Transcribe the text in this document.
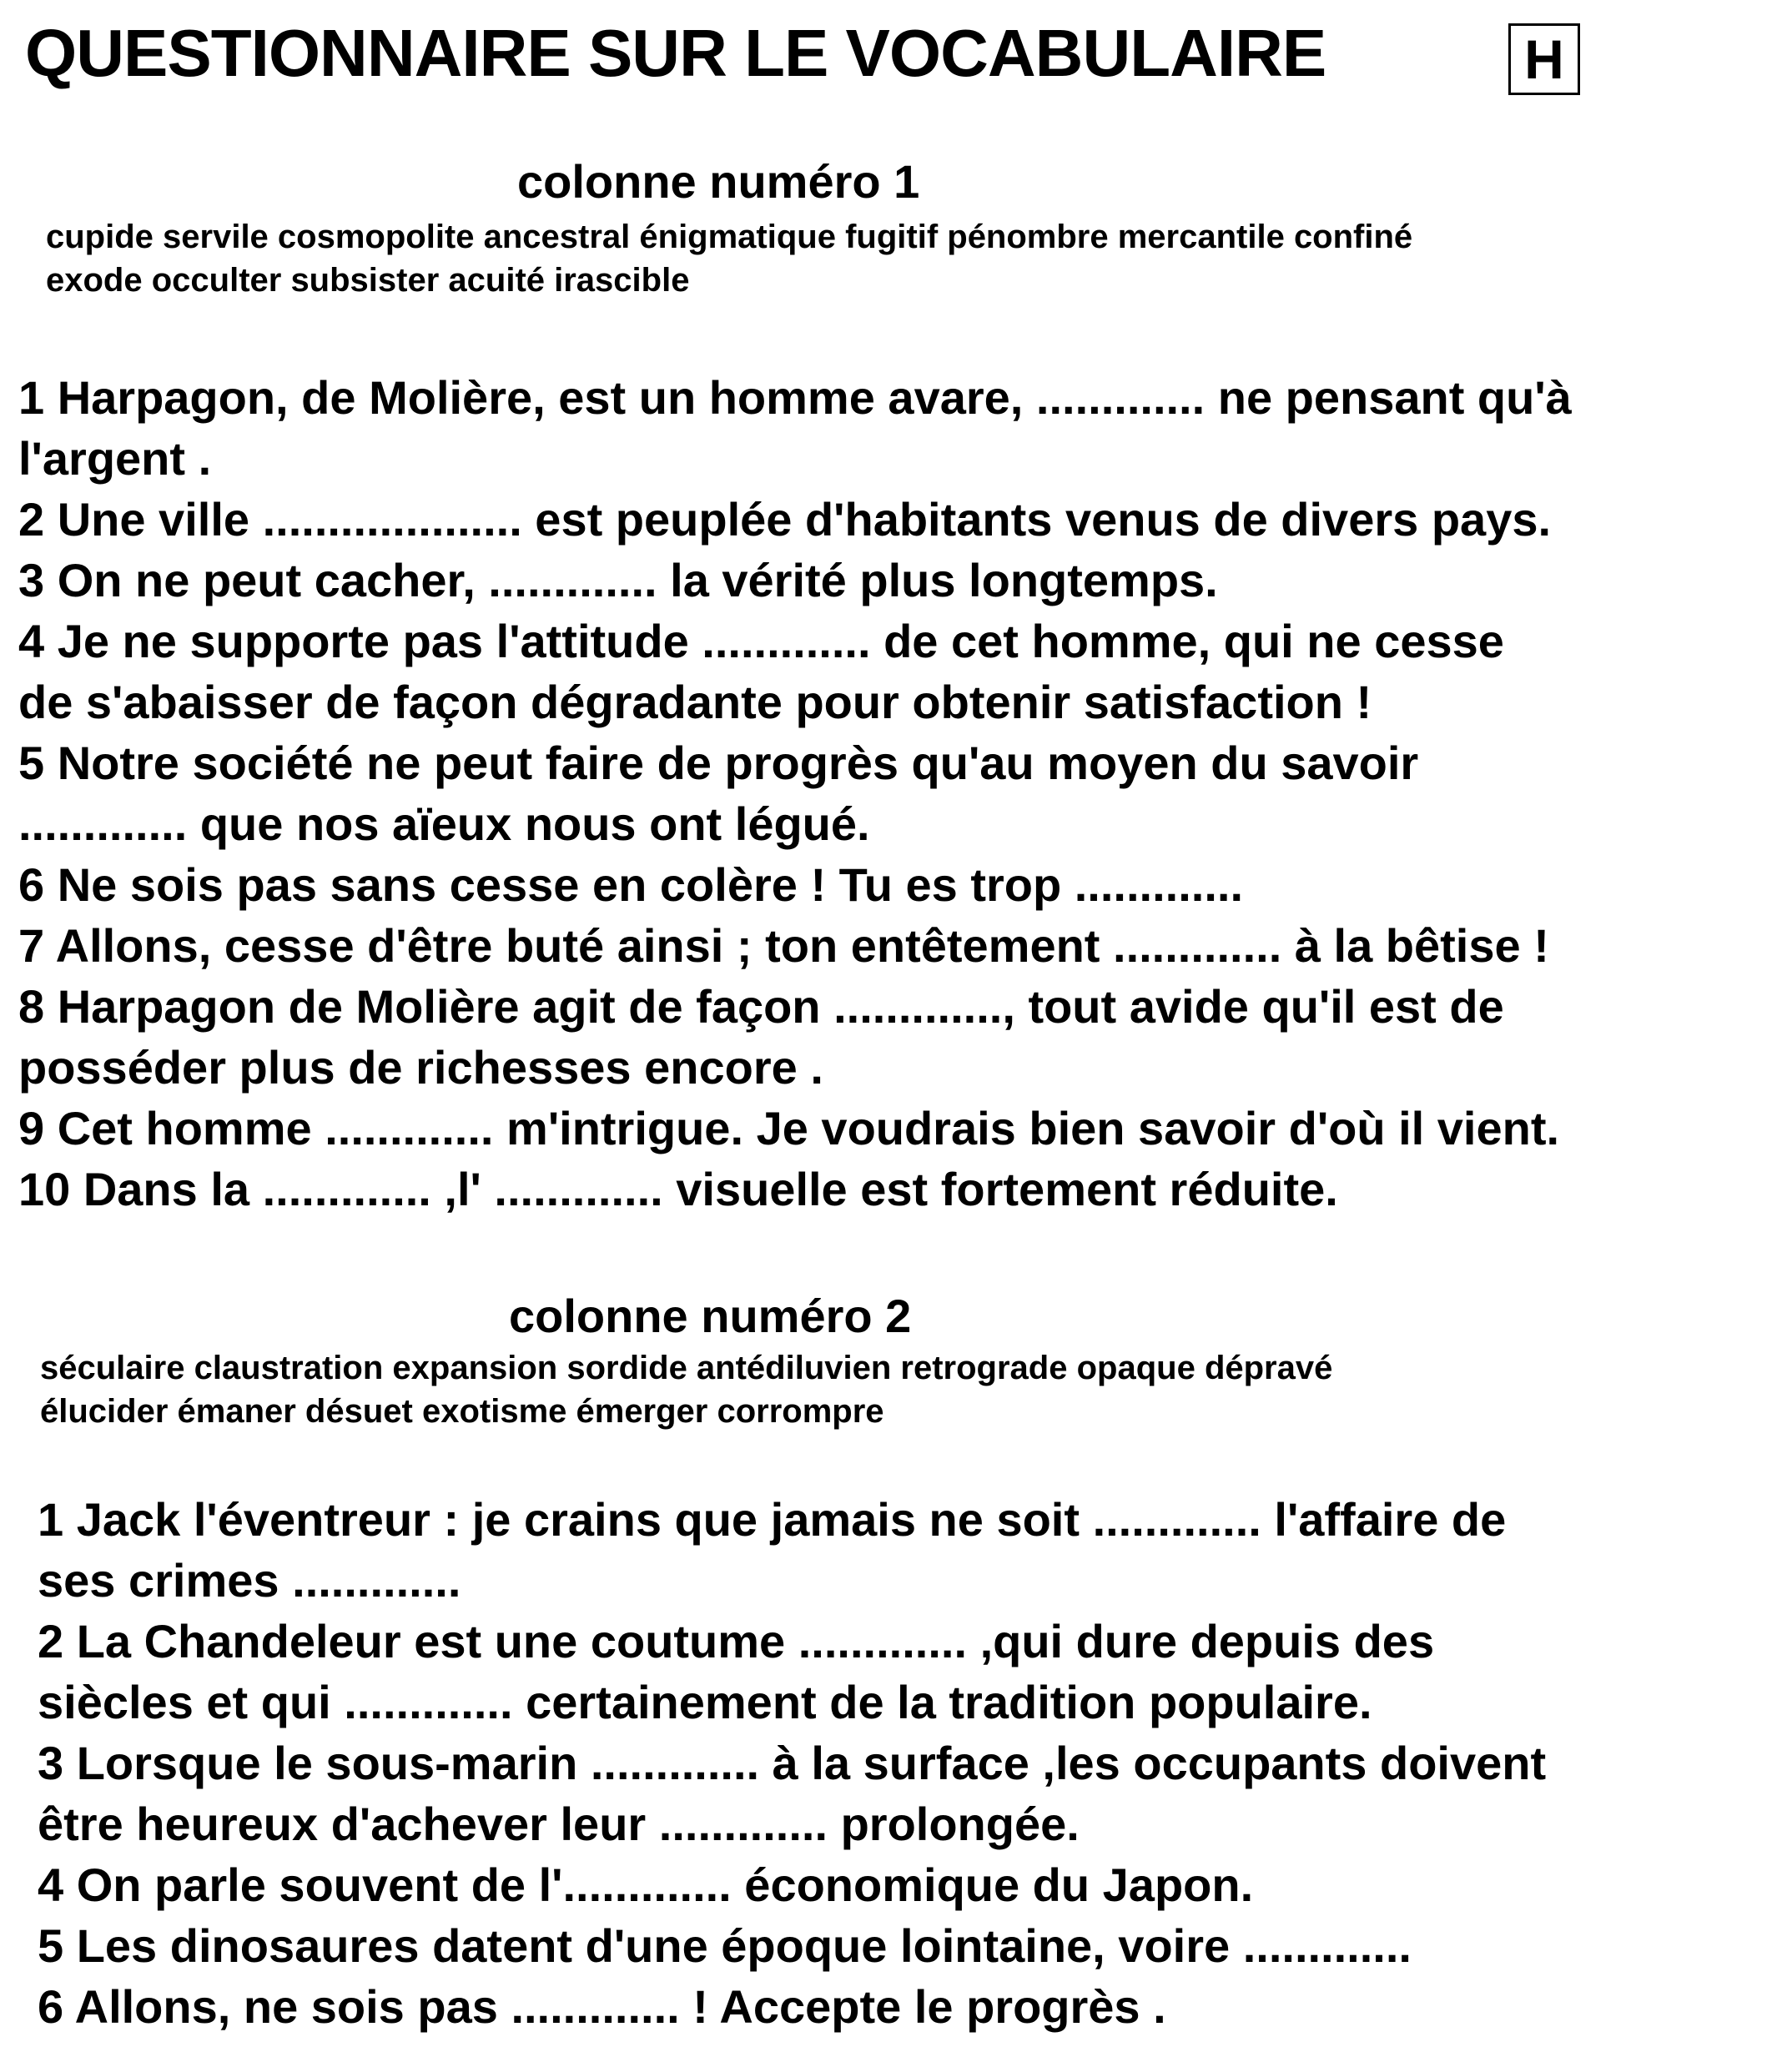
QUESTIONNAIRE SUR LE VOCABULAIRE	H
colonne numéro 1
cupide servile cosmopolite ancestral énigmatique fugitif pénombre mercantile confiné
exode occulter subsister acuité irascible
1 Harpagon, de Molière, est un homme avare, ............. ne pensant qu'à
l'argent .
2 Une ville .................... est peuplée d'habitants venus de divers pays.
3 On ne peut cacher, ............. la vérité plus longtemps.
4 Je ne supporte pas l'attitude ............. de cet homme, qui ne cesse
de s'abaisser de façon dégradante pour obtenir satisfaction !
5 Notre société ne peut faire de progrès qu'au moyen du savoir
............. que nos aïeux nous ont légué.
6 Ne sois pas sans cesse en colère ! Tu es trop .............
7 Allons, cesse d'être buté ainsi ; ton entêtement ............. à la bêtise !
8 Harpagon de Molière agit de façon ............., tout avide qu'il est de
posséder plus de richesses encore .
9 Cet homme ............. m'intrigue. Je voudrais bien savoir d'où il vient.
10 Dans la ............. ,l' ............. visuelle est fortement réduite.
colonne numéro 2
séculaire claustration expansion sordide antédiluvien retrograde opaque dépravé
élucider émaner désuet exotisme émerger corrompre
1 Jack l'éventreur : je crains que jamais ne soit ............. l'affaire de
ses crimes .............
2 La Chandeleur est une coutume ............. ,qui dure depuis des
siècles et qui ............. certainement de la tradition populaire.
3 Lorsque le sous-marin ............. à la surface ,les occupants doivent
être heureux d'achever leur ............. prolongée.
4 On parle souvent de l'............. économique du Japon.
5 Les dinosaures datent d'une époque lointaine, voire .............
6 Allons, ne sois pas ............. ! Accepte le progrès .
